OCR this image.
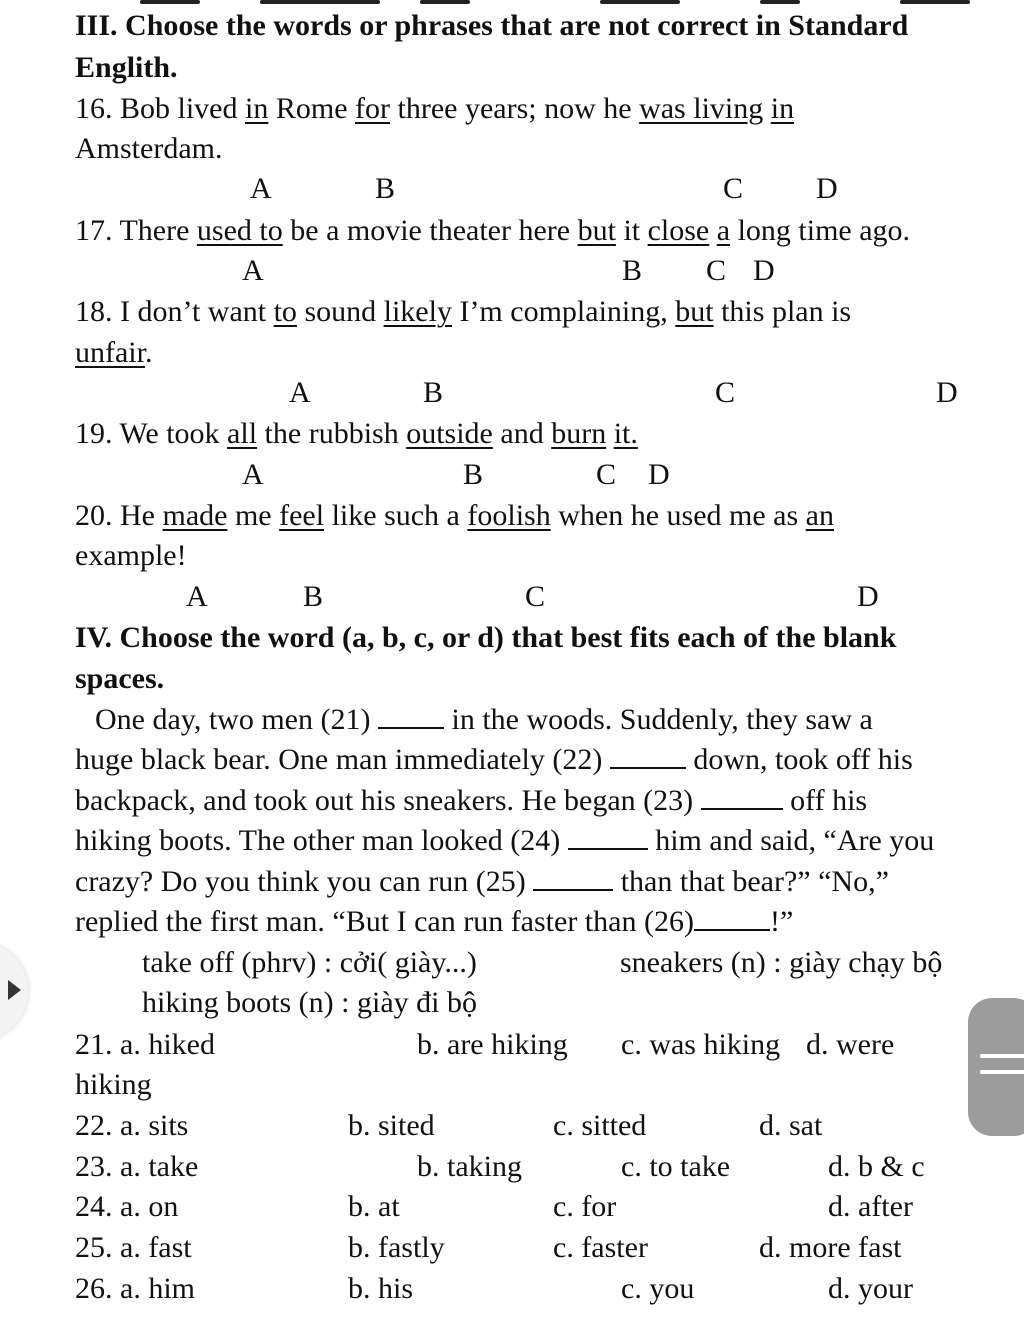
III. Choose the words or phrases that are not correct in Standard
Englith.
16. Bob lived in Rome for three years; now he was living in
Amsterdam.
A	B	C D
17. There used to be a movie theater here but it close a long time ago.
A	B C D
18. I don’t want to sound likely I’m complaining, but this plan is
unfair.
A	B	C	D
19. We took all the rubbish outside and burn it.
A	B	C D
20. He made me feel like such a foolish when he used me as an
example!
A	B	C	D
IV. Choose the word (a, b, c, or d) that best fits each of the blank
spaces.
One day, two men (21)  in the woods. Suddenly, they saw a
huge black bear. One man immediately (22)	down, took off his
backpack, and took out his sneakers. He began (23)	off his
hiking boots. The other man looked (24)	him and said, “Are you
crazy? Do you think you can run (25)	than that bear?” “No,”
replied the first man. “But I can run faster than (26)	!”
take off (phrv) : cởi( giày...)	sneakers (n) : giày chạy bộ
hiking boots (n) : giày đi bộ
21. a. hiked	b. are hiking c. was hiking d. were
hiking
22. a. sits	b. sited	c. sitted	d. sat
23. a. take	b. taking	c. to take	d. b & c
24. a. on	b. at	c. for	d. after
25. a. fast	b. fastly	c. faster	d. more fast
26. a. him	b. his	c. you	d. your
